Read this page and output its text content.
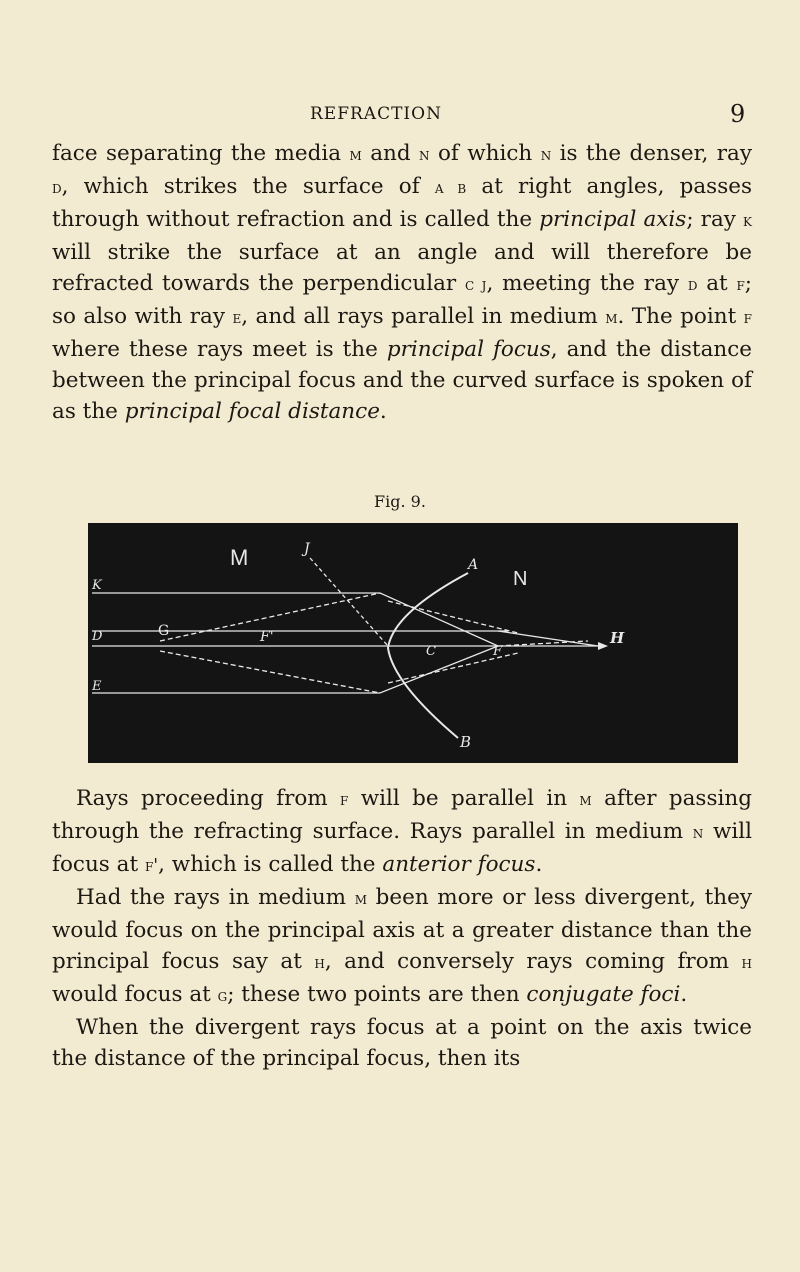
REFRACTION	9

face separating the media m and n of which n is the denser, ray d, which strikes the surface of a b at right angles, passes through without refraction and is called the principal axis; ray k will strike the surface at an angle and will therefore be refracted towards the perpendicular c j, meeting the ray d at f; so also with ray e, and all rays parallel in medium m. The point f where these rays meet is the principal focus, and the distance between the principal focus and the curved surface is spoken of as the principal focal distance.

Fig. 9.
M
N
J
A
K
D	G	F'	H
E
C	F
B

Rays proceeding from f will be parallel in m after passing through the refracting surface. Rays parallel in medium n will focus at f', which is called the anterior focus.

Had the rays in medium m been more or less divergent, they would focus on the principal axis at a greater distance than the principal focus say at h, and conversely rays coming from h would focus at g; these two points are then conjugate foci.

When the divergent rays focus at a point on the axis twice the distance of the principal focus, then its
